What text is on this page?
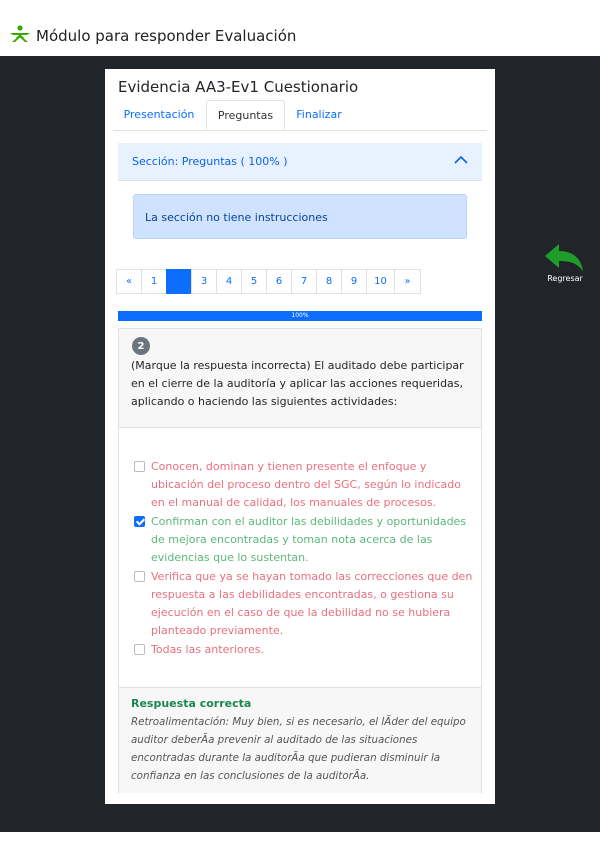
Módulo para responder Evaluación
Evidencia AA3-Ev1 Cuestionario
Presentación	Preguntas	Finalizar
Sección: Preguntas ( 100% )
La sección no tiene instrucciones
«	1	2	3	4	5	6	7	8	9	10	»
100%
2
(Marque la respuesta incorrecta) El auditado debe participar en el cierre de la auditoría y aplicar las acciones requeridas, aplicando o haciendo las siguientes actividades:
Conocen, dominan y tienen presente el enfoque y ubicación del proceso dentro del SGC, según lo indicado en el manual de calidad, los manuales de procesos.
Confirman con el auditor las debilidades y oportunidades de mejora encontradas y toman nota acerca de las evidencias que lo sustentan.
Verifica que ya se hayan tomado las correcciones que den respuesta a las debilidades encontradas, o gestiona su ejecución en el caso de que la debilidad no se hubiera planteado previamente.
Todas las anteriores.
Respuesta correcta
Retroalimentación: Muy bien, si es necesario, el lÃder del equipo auditor deberÃa prevenir al auditado de las situaciones encontradas durante la auditorÃa que pudieran disminuir la confianza en las conclusiones de la auditorÃa.
Regresar
